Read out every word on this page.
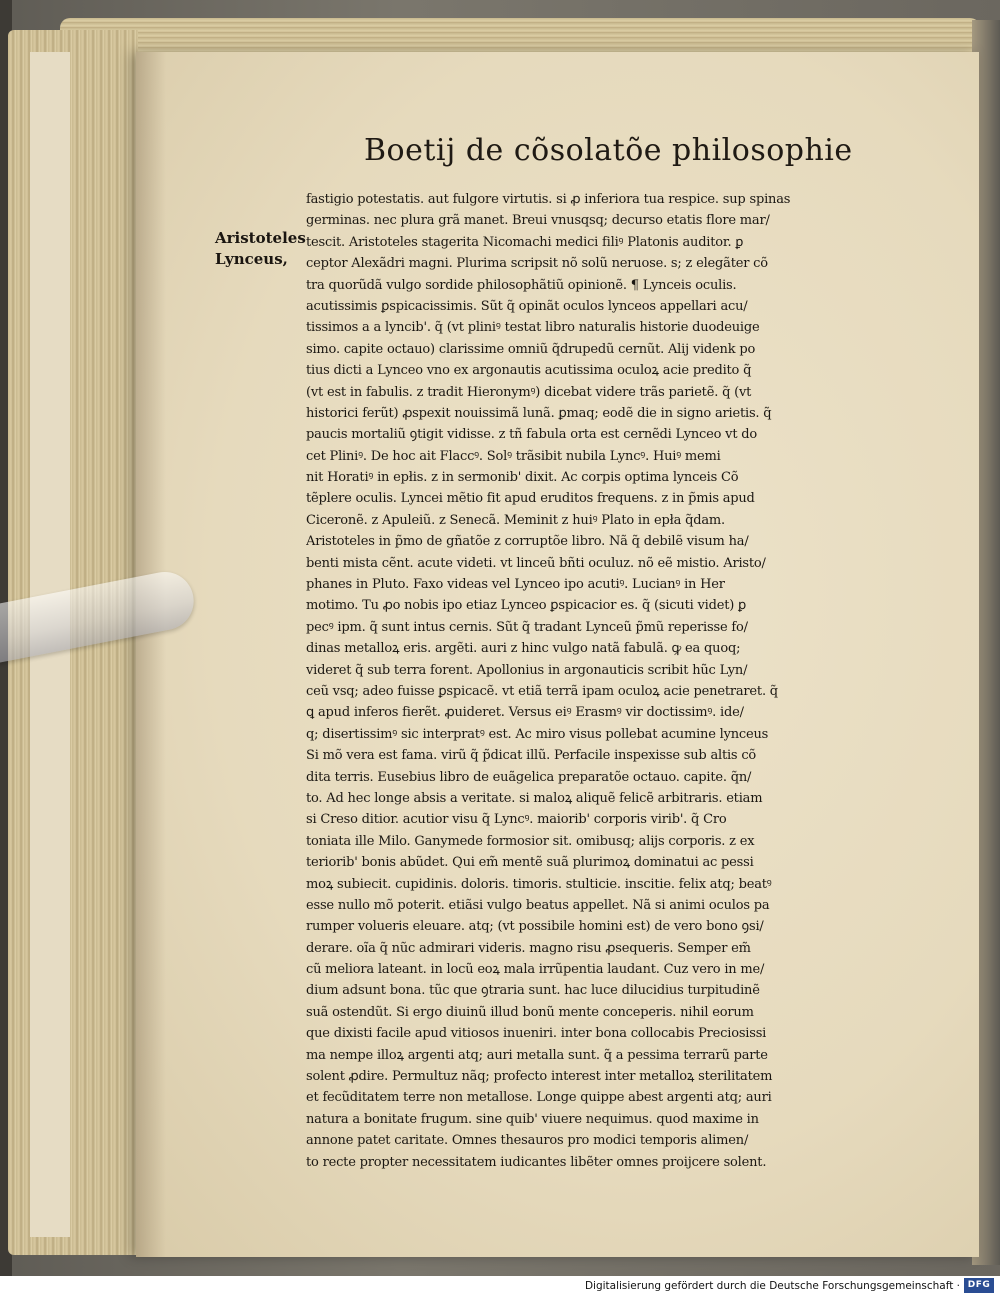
Boetij de cõsolatõe philosophie
Aristoteles
Lynceus,
fastigio potestatis. aut fulgore virtutis. si ꝓ inferiora tua respice. sup spinas
germinas. nec plura grã manet. Breui vnusqsq; decurso etatis flore mar/
tescit. Aristoteles stagerita Nicomachi medici filiꝰ Platonis auditor. ꝑ
ceptor Alexãdri magni. Plurima scripsit nõ solũ neruose. s; z elegãter cõ
tra quorũdã vulgo sordide philosophãtiũ opinionẽ. ¶ Lynceis oculis.
acutissimis ꝑspicacissimis. Sũt q̃ opinãt oculos lynceos appellari acu/
tissimos a a lyncib'. q̃ (vt pliniꝰ testat libro naturalis historie duodeuige
simo. capite octauo) clarissime omniũ q̃drupedũ cernũt. Alij videnk po
tius dicti a Lynceo vno ex argonautis acutissima oculoꝝ acie predito q̃
(vt est in fabulis. z tradit Hieronymꝰ) dicebat videre trãs parietẽ. q̃ (vt
historici ferũt) ꝓspexit nouissimã lunã. ꝑmaq; eodẽ die in signo arietis. q̃
paucis mortaliũ ꝯtigit vidisse. z tñ fabula orta est cernẽdi Lynceo vt do
cet Pliniꝰ. De hoc ait Flaccꝰ. Solꝰ trãsibit nubila Lyncꝰ. Huiꝰ memi
nit Horatiꝰ in epłis. z in sermonib' dixit. Ac corpis optima lynceis Cõ
tẽplere oculis. Lyncei mẽtio fit apud eruditos frequens. z in p̃mis apud
Ciceronẽ. z Apuleiũ. z Senecã. Meminit z huiꝰ Plato in epła q̃dam.
Aristoteles in p̃mo de gñatõe z corruptõe libro. Nã q̃ debilẽ visum ha/
benti mista cẽnt. acute videti. vt linceũ bñti oculuz. nõ eẽ mistio. Aristo/
phanes in Pluto. Faxo videas vel Lynceo ipo acutiꝰ. Lucianꝰ in Her
motimo. Tu ꝓo nobis ipo etiaz Lynceo ꝑspicacior es. q̃ (sicuti videt) ꝑ
pecꝰ ipm. q̃ sunt intus cernis. Sũt q̃ tradant Lynceũ p̃mũ reperisse fo/
dinas metalloꝝ eris. argẽti. auri z hinc vulgo natã fabulã. ꝙ ea quoq;
videret q̃ sub terra forent. Apollonius in argonauticis scribit hũc Lyn/
ceũ vsq; adeo fuisse ꝑspicacẽ. vt etiã terrã ipam oculoꝝ acie penetraret. q̃
ꝗ apud inferos fierẽt. ꝓuideret. Versus eiꝰ Erasmꝰ vir doctissimꝰ. ide/
q; disertissimꝰ sic interpratꝰ est. Ac miro visus pollebat acumine lynceus
Si mõ vera est fama. virũ q̃ p̃dicat illũ. Perfacile inspexisse sub altis cõ
dita terris. Eusebius libro de euãgelica preparatõe octauo. capite. q̃n/
to. Ad hec longe absis a veritate. si maloꝝ aliquẽ felicẽ arbitraris. etiam
si Creso ditior. acutior visu q̃ Lyncꝰ. maiorib' corporis virib'. q̃ Cro
toniata ille Milo. Ganymede formosior sit. omibusq; alijs corporis. z ex
teriorib' bonis abũdet. Qui em̃ mentẽ suã plurimoꝝ dominatui ac pessi
moꝝ subiecit. cupidinis. doloris. timoris. stulticie. inscitie. felix atq; beatꝰ
esse nullo mõ poterit. etiãsi vulgo beatus appellet. Nã si animi oculos pa
rumper volueris eleuare. atq; (vt possibile homini est) de vero bono ꝯsi/
derare. oĩa q̃ nũc admirari videris. magno risu ꝓsequeris. Semper em̃
cũ meliora lateant. in locũ eoꝝ mala irrũpentia laudant. Cuz vero in me/
dium adsunt bona. tũc que ꝯtraria sunt. hac luce dilucidius turpitudinẽ
suã ostendũt. Si ergo diuinũ illud bonũ mente conceperis. nihil eorum
que dixisti facile apud vitiosos inueniri. inter bona collocabis Preciosissi
ma nempe illoꝝ argenti atq; auri metalla sunt. q̃ a pessima terrarũ parte
solent ꝓdire. Permultuz nãq; profecto interest inter metalloꝝ sterilitatem
et fecũditatem terre non metallose. Longe quippe abest argenti atq; auri
natura a bonitate frugum. sine quib' viuere nequimus. quod maxime in
annone patet caritate. Omnes thesauros pro modici temporis alimen/
to recte propter necessitatem iudicantes libẽter omnes proijcere solent.
Digitalisierung gefördert durch die Deutsche Forschungsgemeinschaft · DFG
